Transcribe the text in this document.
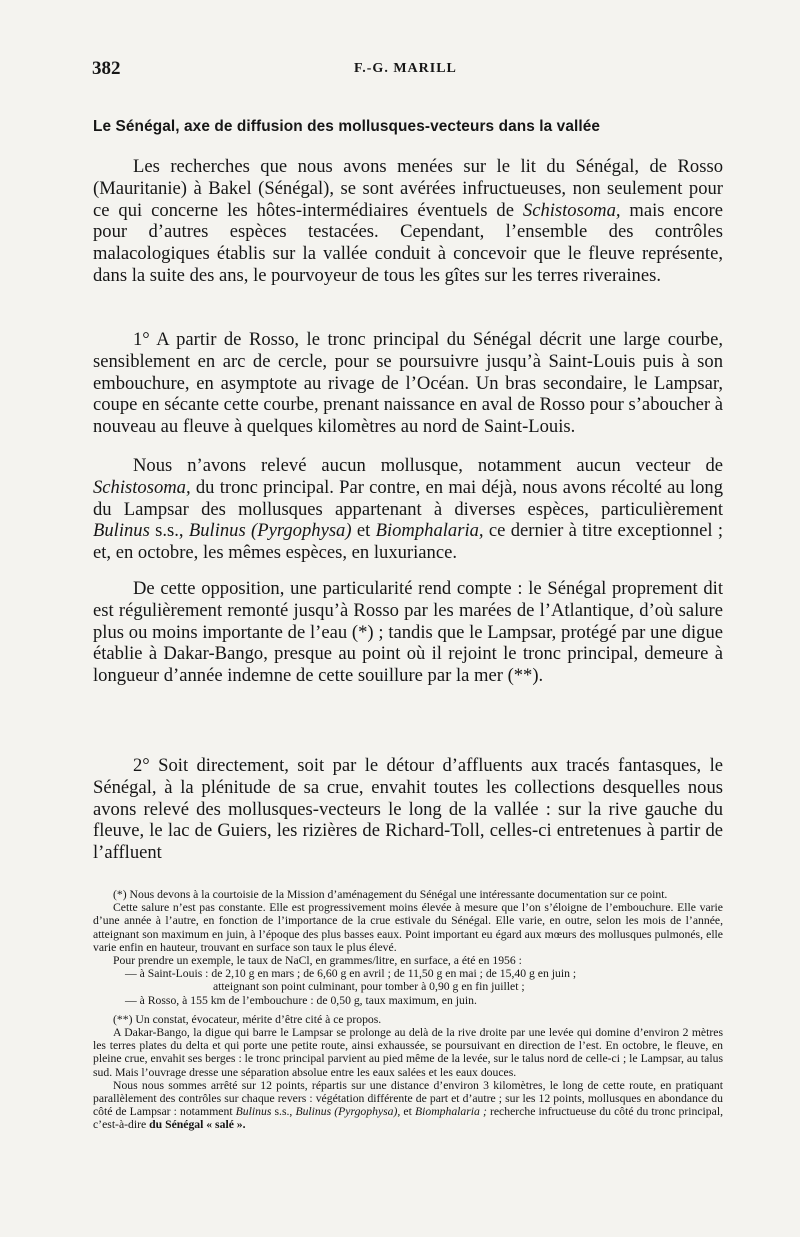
382	F.-G. MARILL
Le Sénégal, axe de diffusion des mollusques-vecteurs dans la vallée

Les recherches que nous avons menées sur le lit du Sénégal, de Rosso (Mauritanie) à Bakel (Sénégal), se sont avérées infructueuses, non seulement pour ce qui concerne les hôtes-intermédiaires éventuels de Schistosoma, mais encore pour d’autres espèces testacées. Cependant, l’ensemble des contrôles malacologiques établis sur la vallée conduit à concevoir que le fleuve représente, dans la suite des ans, le pourvoyeur de tous les gîtes sur les terres riveraines.

1° A partir de Rosso, le tronc principal du Sénégal décrit une large courbe, sensiblement en arc de cercle, pour se poursuivre jusqu’à Saint-Louis puis à son embouchure, en asymptote au rivage de l’Océan. Un bras secondaire, le Lampsar, coupe en sécante cette courbe, prenant naissance en aval de Rosso pour s’aboucher à nouveau au fleuve à quelques kilomètres au nord de Saint-Louis.

Nous n’avons relevé aucun mollusque, notamment aucun vecteur de Schistosoma, du tronc principal. Par contre, en mai déjà, nous avons récolté au long du Lampsar des mollusques appartenant à diverses espèces, particulièrement Bulinus s.s., Bulinus (Pyrgophysa) et Biomphalaria, ce dernier à titre exceptionnel ; et, en octobre, les mêmes espèces, en luxuriance.

De cette opposition, une particularité rend compte : le Sénégal proprement dit est régulièrement remonté jusqu’à Rosso par les marées de l’Atlantique, d’où salure plus ou moins importante de l’eau (*) ; tandis que le Lampsar, protégé par une digue établie à Dakar-Bango, presque au point où il rejoint le tronc principal, demeure à longueur d’année indemne de cette souillure par la mer (**).

2° Soit directement, soit par le détour d’affluents aux tracés fantasques, le Sénégal, à la plénitude de sa crue, envahit toutes les collections desquelles nous avons relevé des mollusques-vecteurs le long de la vallée : sur la rive gauche du fleuve, le lac de Guiers, les rizières de Richard-Toll, celles-ci entretenues à partir de l’affluent

(*) Nous devons à la courtoisie de la Mission d’aménagement du Sénégal une intéressante documentation sur ce point.

Cette salure n’est pas constante. Elle est progressivement moins élevée à mesure que l’on s’éloigne de l’embouchure. Elle varie d’une année à l’autre, en fonction de l’importance de la crue estivale du Sénégal. Elle varie, en outre, selon les mois de l’année, atteignant son maximum en juin, à l’époque des plus basses eaux. Point important eu égard aux mœurs des mollusques pulmonés, elle varie enfin en hauteur, trouvant en surface son taux le plus élevé.

Pour prendre un exemple, le taux de NaCl, en grammes/litre, en surface, a été en 1956 :

— à Saint-Louis : de 2,10 g en mars ; de 6,60 g en avril ; de 11,50 g en mai ; de 15,40 g en juin ;

atteignant son point culminant, pour tomber à 0,90 g en fin juillet ;

— à Rosso, à 155 km de l’embouchure : de 0,50 g, taux maximum, en juin.

(**) Un constat, évocateur, mérite d’être cité à ce propos.

A Dakar-Bango, la digue qui barre le Lampsar se prolonge au delà de la rive droite par une levée qui domine d’environ 2 mètres les terres plates du delta et qui porte une petite route, ainsi exhaussée, se poursuivant en direction de l’est. En octobre, le fleuve, en pleine crue, envahit ses berges : le tronc principal parvient au pied même de la levée, sur le talus nord de celle-ci ; le Lampsar, au talus sud. Mais l’ouvrage dresse une séparation absolue entre les eaux salées et les eaux douces.

Nous nous sommes arrêté sur 12 points, répartis sur une distance d’environ 3 kilomètres, le long de cette route, en pratiquant parallèlement des contrôles sur chaque revers : végétation différente de part et d’autre ; sur les 12 points, mollusques en abondance du côté de Lampsar : notamment Bulinus s.s., Bulinus (Pyrgophysa), et Biomphalaria ; recherche infructueuse du côté du tronc principal, c’est-à-dire du Sénégal « salé ».
